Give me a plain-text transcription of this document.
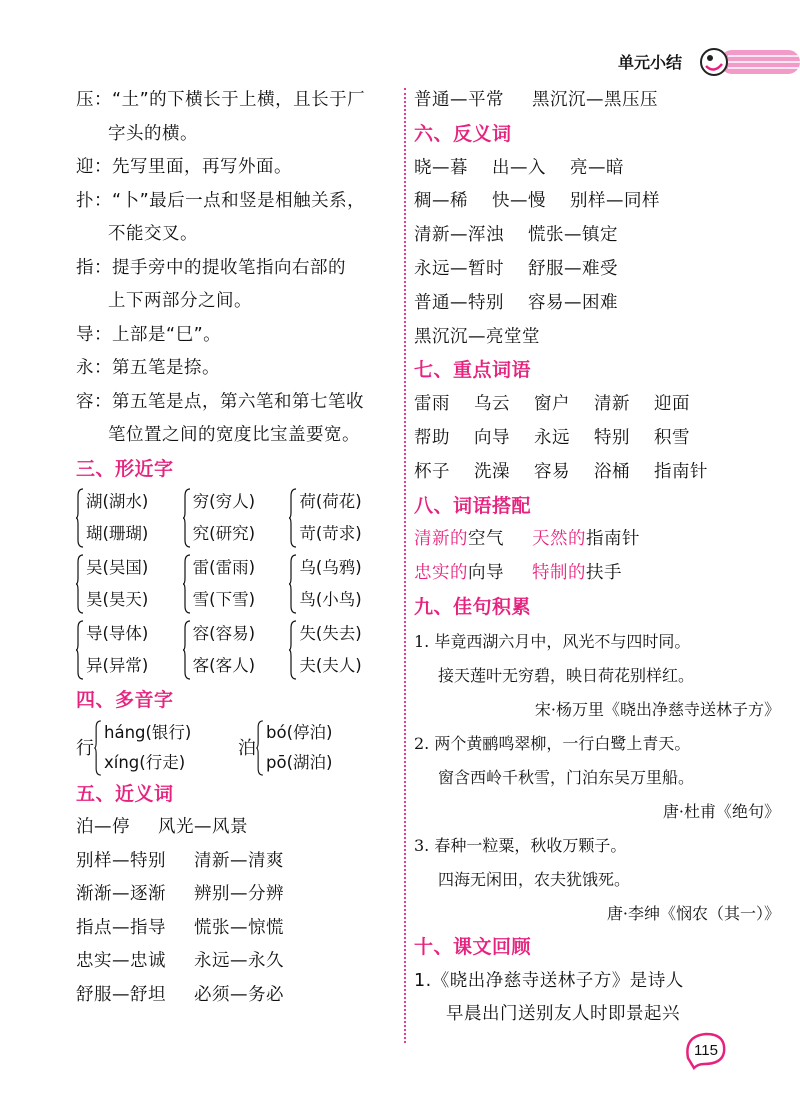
单元小结
压：“土”的下横长于上横，且长于厂
字头的横。
迎：先写里面，再写外面。
扑：“卜”最后一点和竖是相触关系，
不能交叉。
指：提手旁中的提收笔指向右部的
上下两部分之间。
导：上部是“巳”。
永：第五笔是捺。
容：第五笔是点，第六笔和第七笔收
笔位置之间的宽度比宝盖要宽。
三、形近字
湖(湖水)
瑚(珊瑚)
穷(穷人)
究(研究)
荷(荷花)
苛(苛求)
吴(吴国)
昊(昊天)
雷(雷雨)
雪(下雪)
乌(乌鸦)
鸟(小鸟)
导(导体)
异(异常)
容(容易)
客(客人)
失(失去)
夫(夫人)
四、多音字
行
háng(银行)
xíng(行走)
泊
bó(停泊)
pō(湖泊)
五、近义词
泊—停 风光—风景
别样—特别 清新—清爽
渐渐—逐渐 辨别—分辨
指点—指导 慌张—惊慌
忠实—忠诚 永远—永久
舒服—舒坦 必须—务必
普通—平常 黑沉沉—黑压压
六、反义词
晓—暮 出—入 亮—暗
稠—稀 快—慢 别样—同样
清新—浑浊 慌张—镇定
永远—暂时 舒服—难受
普通—特别 容易—困难
黑沉沉—亮堂堂
七、重点词语
雷雨 乌云 窗户 清新 迎面
帮助 向导 永远 特别 积雪
杯子 洗澡 容易 浴桶 指南针
八、词语搭配
清新的空气 天然的指南针
忠实的向导 特制的扶手
九、佳句积累
1. 毕竟西湖六月中，风光不与四时同。
接天莲叶无穷碧，映日荷花别样红。
宋·杨万里《晓出净慈寺送林子方》
2. 两个黄鹂鸣翠柳，一行白鹭上青天。
窗含西岭千秋雪，门泊东吴万里船。
唐·杜甫《绝句》
3. 春种一粒粟，秋收万颗子。
四海无闲田，农夫犹饿死。
唐·李绅《悯农（其一）》
十、课文回顾
1.《晓出净慈寺送林子方》是诗人
早晨出门送别友人时即景起兴
115
